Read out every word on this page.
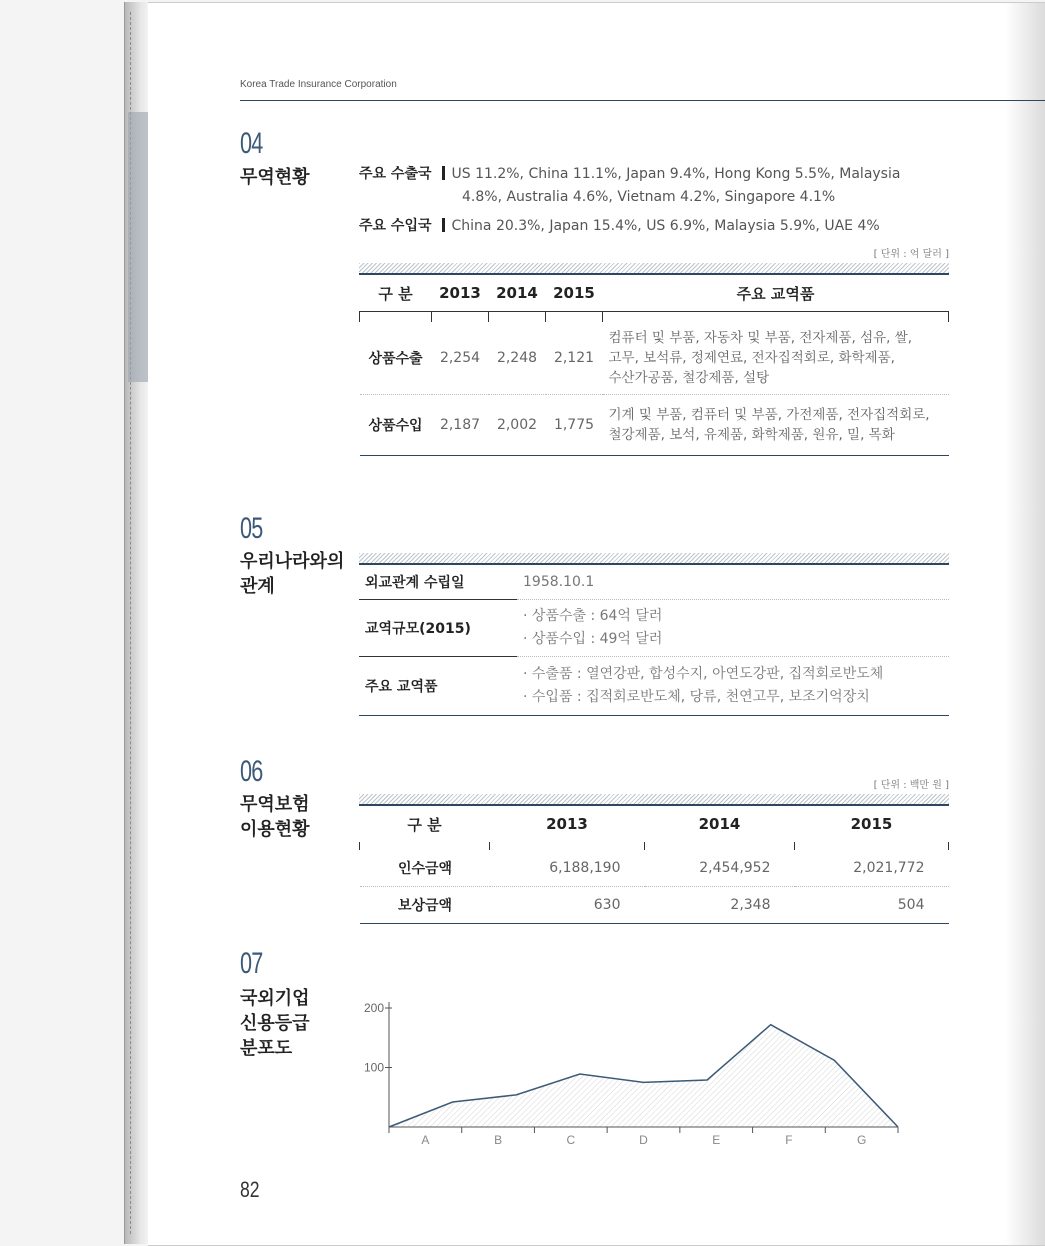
Korea Trade Insurance Corporation
04
무역현황	주요 수출국 US 11.2%, China 11.1%, Japan 9.4%, Hong Kong 5.5%, Malaysia
4.8%, Australia 4.6%, Vietnam 4.2%, Singapore 4.1%
주요 수입국 China 20.3%, Japan 15.4%, US 6.9%, Malaysia 5.9%, UAE 4%
[ 단위 : 억 달러 ]
구 분	2013	2014	2015	주요 교역품

상품수출	2,254	2,248	2,121	컴퓨터 및 부품, 자동차 및 부품, 전자제품, 섬유, 쌀,
고무, 보석류, 정제연료, 전자집적회로, 화학제품,
수산가공품, 철강제품, 설탕

상품수입	2,187	2,002	1,775	기계 및 부품, 컴퓨터 및 부품, 가전제품, 전자집적회로,
철강제품, 보석, 유제품, 화학제품, 원유, 밀, 목화
05
우리나라와의
관계	외교관계 수립일	1958.10.1
교역규모(2015)	· 상품수출 : 64억 달러
· 상품수입 : 49억 달러

주요 교역품	· 수출품 : 열연강판, 합성수지, 아연도강판, 집적회로반도체
· 수입품 : 집적회로반도체, 당류, 천연고무, 보조기억장치
06
무역보험
이용현황
[ 단위 : 백만 원 ]
구 분	2013	2014	2015

인수금액	6,188,190	2,454,952	2,021,772
보상금액	630	2,348	504
07
국외기업
신용등급
분포도
100
200
A	B	C	D	E	F	G
82
